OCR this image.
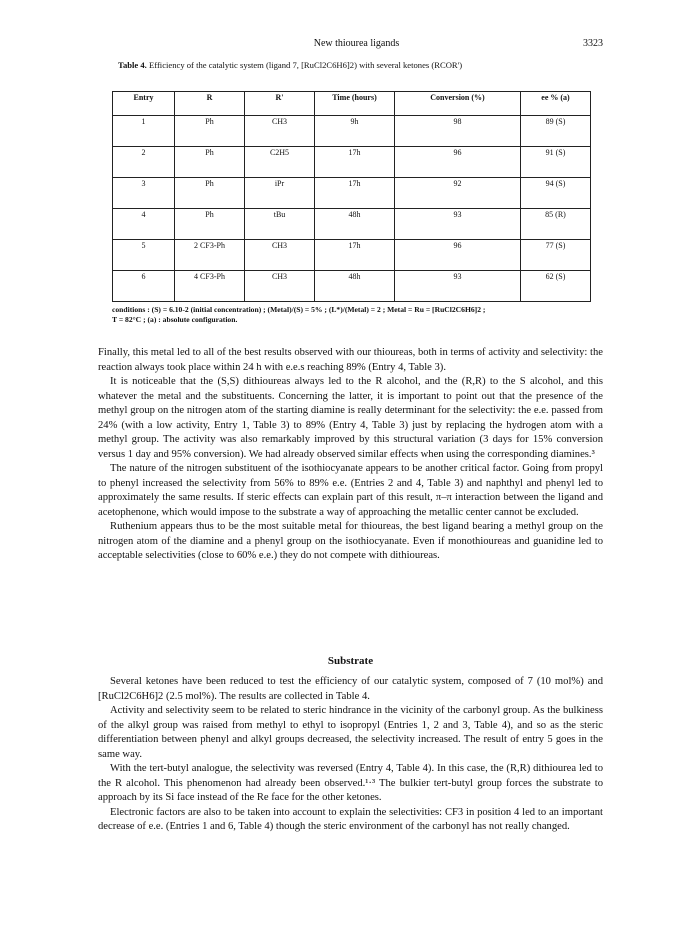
New thiourea ligands	3323
Table 4. Efficiency of the catalytic system (ligand 7, [RuCl2C6H6]2) with several ketones (RCOR')
Entry	R	R'	Time (hours)	Conversion (%)	ee % (a)
1	Ph	CH3	9h	98	89 (S)
2	Ph	C2H5	17h	96	91 (S)
3	Ph	iPr	17h	92	94 (S)
4	Ph	tBu	48h	93	85 (R)
5	2 CF3-Ph	CH3	17h	96	77 (S)
6	4 CF3-Ph	CH3	48h	93	62 (S)
conditions : (S) = 6.10-2 (initial concentration) ; (Metal)/(S) = 5% ; (L*)/(Metal) = 2 ; Metal = Ru = [RuCl2C6H6]2 ;
T = 82°C ; (a) : absolute configuration.

Finally, this metal led to all of the best results observed with our thioureas, both in terms of activity and selectivity: the reaction always took place within 24 h with e.e.s reaching 89% (Entry 4, Table 3).

It is noticeable that the (S,S) dithioureas always led to the R alcohol, and the (R,R) to the S alcohol, and this whatever the metal and the substituents. Concerning the latter, it is important to point out that the presence of the methyl group on the nitrogen atom of the starting diamine is really determinant for the selectivity: the e.e. passed from 24% (with a low activity, Entry 1, Table 3) to 89% (Entry 4, Table 3) just by replacing the hydrogen atom with a methyl group. The activity was also remarkably improved by this structural variation (3 days for 15% conversion versus 1 day and 95% conversion). We had already observed similar effects when using the corresponding diamines.³

The nature of the nitrogen substituent of the isothiocyanate appears to be another critical factor. Going from propyl to phenyl increased the selectivity from 56% to 89% e.e. (Entries 2 and 4, Table 3) and naphthyl and phenyl led to approximately the same results. If steric effects can explain part of this result, π–π interaction between the ligand and acetophenone, which would impose to the substrate a way of approaching the metallic center cannot be excluded.

Ruthenium appears thus to be the most suitable metal for thioureas, the best ligand bearing a methyl group on the nitrogen atom of the diamine and a phenyl group on the isothiocyanate. Even if monothioureas and guanidine led to acceptable selectivities (close to 60% e.e.) they do not compete with dithioureas.

Substrate

Several ketones have been reduced to test the efficiency of our catalytic system, composed of 7 (10 mol%) and [RuCl2C6H6]2 (2.5 mol%). The results are collected in Table 4.

Activity and selectivity seem to be related to steric hindrance in the vicinity of the carbonyl group. As the bulkiness of the alkyl group was raised from methyl to ethyl to isopropyl (Entries 1, 2 and 3, Table 4), and so as the steric differentiation between phenyl and alkyl groups decreased, the selectivity increased. The result of entry 5 goes in the same way.

With the tert-butyl analogue, the selectivity was reversed (Entry 4, Table 4). In this case, the (R,R) dithiourea led to the R alcohol. This phenomenon had already been observed.¹·³ The bulkier tert-butyl group forces the substrate to approach by its Si face instead of the Re face for the other ketones.

Electronic factors are also to be taken into account to explain the selectivities: CF3 in position 4 led to an important decrease of e.e. (Entries 1 and 6, Table 4) though the steric environment of the carbonyl has not really changed.
